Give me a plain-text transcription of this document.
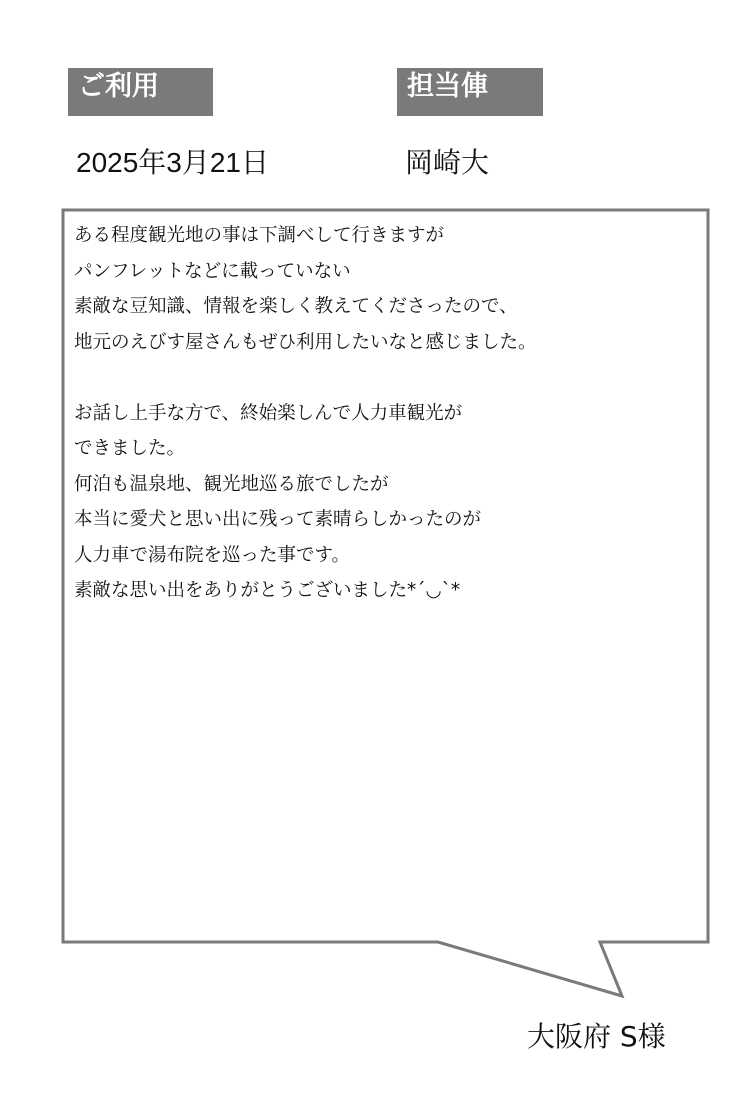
ご利用	担当俥
2025年3月21日	岡崎大
ある程度観光地の事は下調べして行きますが
パンフレットなどに載っていない
素敵な豆知識、情報を楽しく教えてくださったので、
地元のえびす屋さんもぜひ利用したいなと感じました。
お話し上手な方で、終始楽しんで人力車観光が
できました。
何泊も温泉地、観光地巡る旅でしたが
本当に愛犬と思い出に残って素晴らしかったのが
人力車で湯布院を巡った事です。
素敵な思い出をありがとうございました*´◡`*
大阪府 S様
